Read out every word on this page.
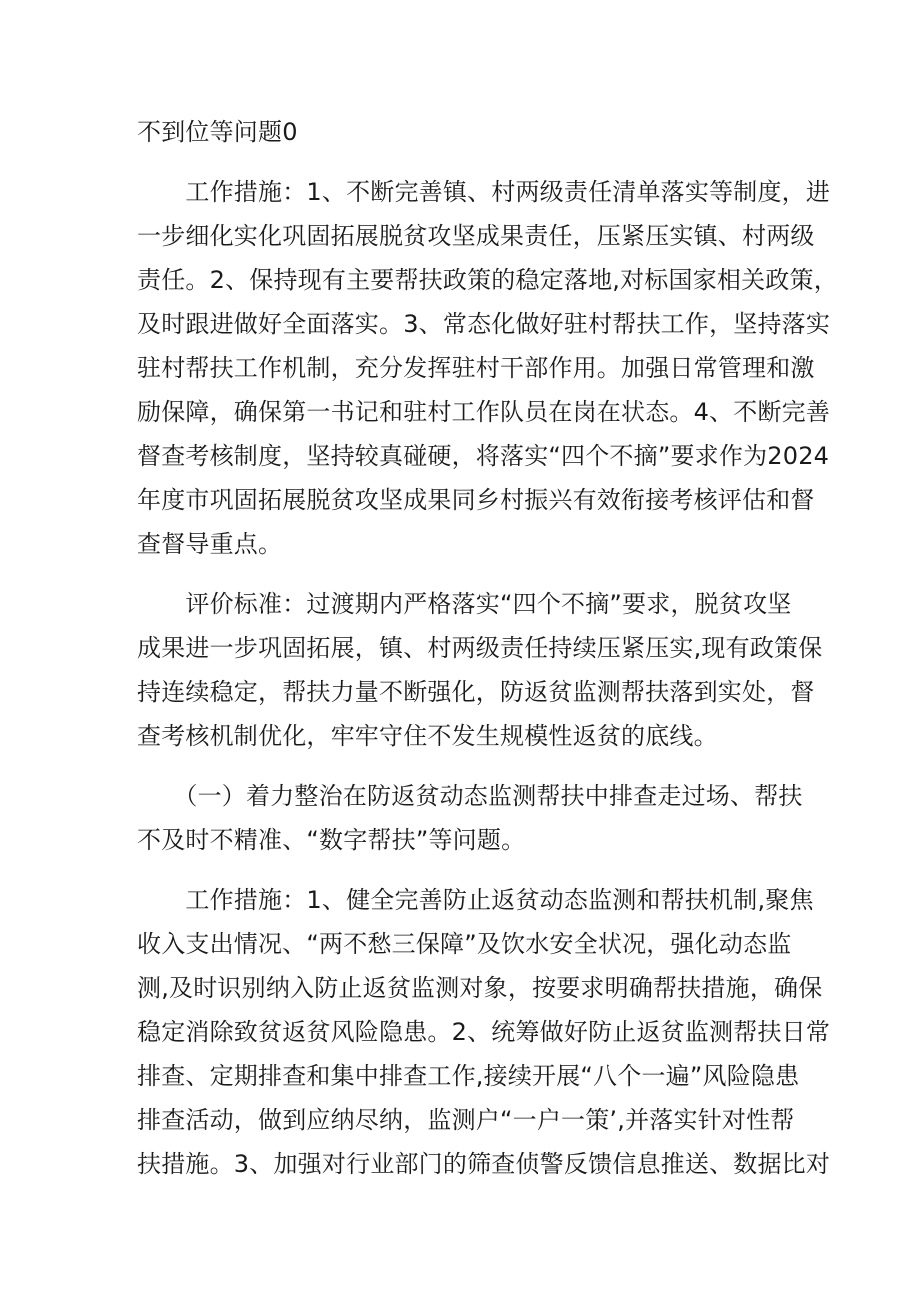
不到位等问题0
　　工作措施：1、不断完善镇、村两级责任清单落实等制度，进
一步细化实化巩固拓展脱贫攻坚成果责任，压紧压实镇、村两级
责任。2、保持现有主要帮扶政策的稳定落地,对标国家相关政策，
及时跟进做好全面落实。3、常态化做好驻村帮扶工作，坚持落实
驻村帮扶工作机制，充分发挥驻村干部作用。加强日常管理和激
励保障，确保第一书记和驻村工作队员在岗在状态。4、不断完善
督查考核制度，坚持较真碰硬，将落实“四个不摘”要求作为2024
年度市巩固拓展脱贫攻坚成果同乡村振兴有效衔接考核评估和督
查督导重点。
　　评价标准：过渡期内严格落实“四个不摘”要求，脱贫攻坚
成果进一步巩固拓展，镇、村两级责任持续压紧压实,现有政策保
持连续稳定，帮扶力量不断强化，防返贫监测帮扶落到实处，督
查考核机制优化，牢牢守住不发生规模性返贫的底线。
　　（一）着力整治在防返贫动态监测帮扶中排查走过场、帮扶
不及时不精准、“数字帮扶”等问题。
　　工作措施：1、健全完善防止返贫动态监测和帮扶机制,聚焦
收入支出情况、“两不愁三保障”及饮水安全状况，强化动态监
测,及时识别纳入防止返贫监测对象，按要求明确帮扶措施，确保
稳定消除致贫返贫风险隐患。2、统筹做好防止返贫监测帮扶日常
排查、定期排查和集中排查工作,接续开展“八个一遍”风险隐患
排查活动，做到应纳尽纳，监测户“一户一策’,并落实针对性帮
扶措施。3、加强对行业部门的筛查侦警反馈信息推送、数据比对
